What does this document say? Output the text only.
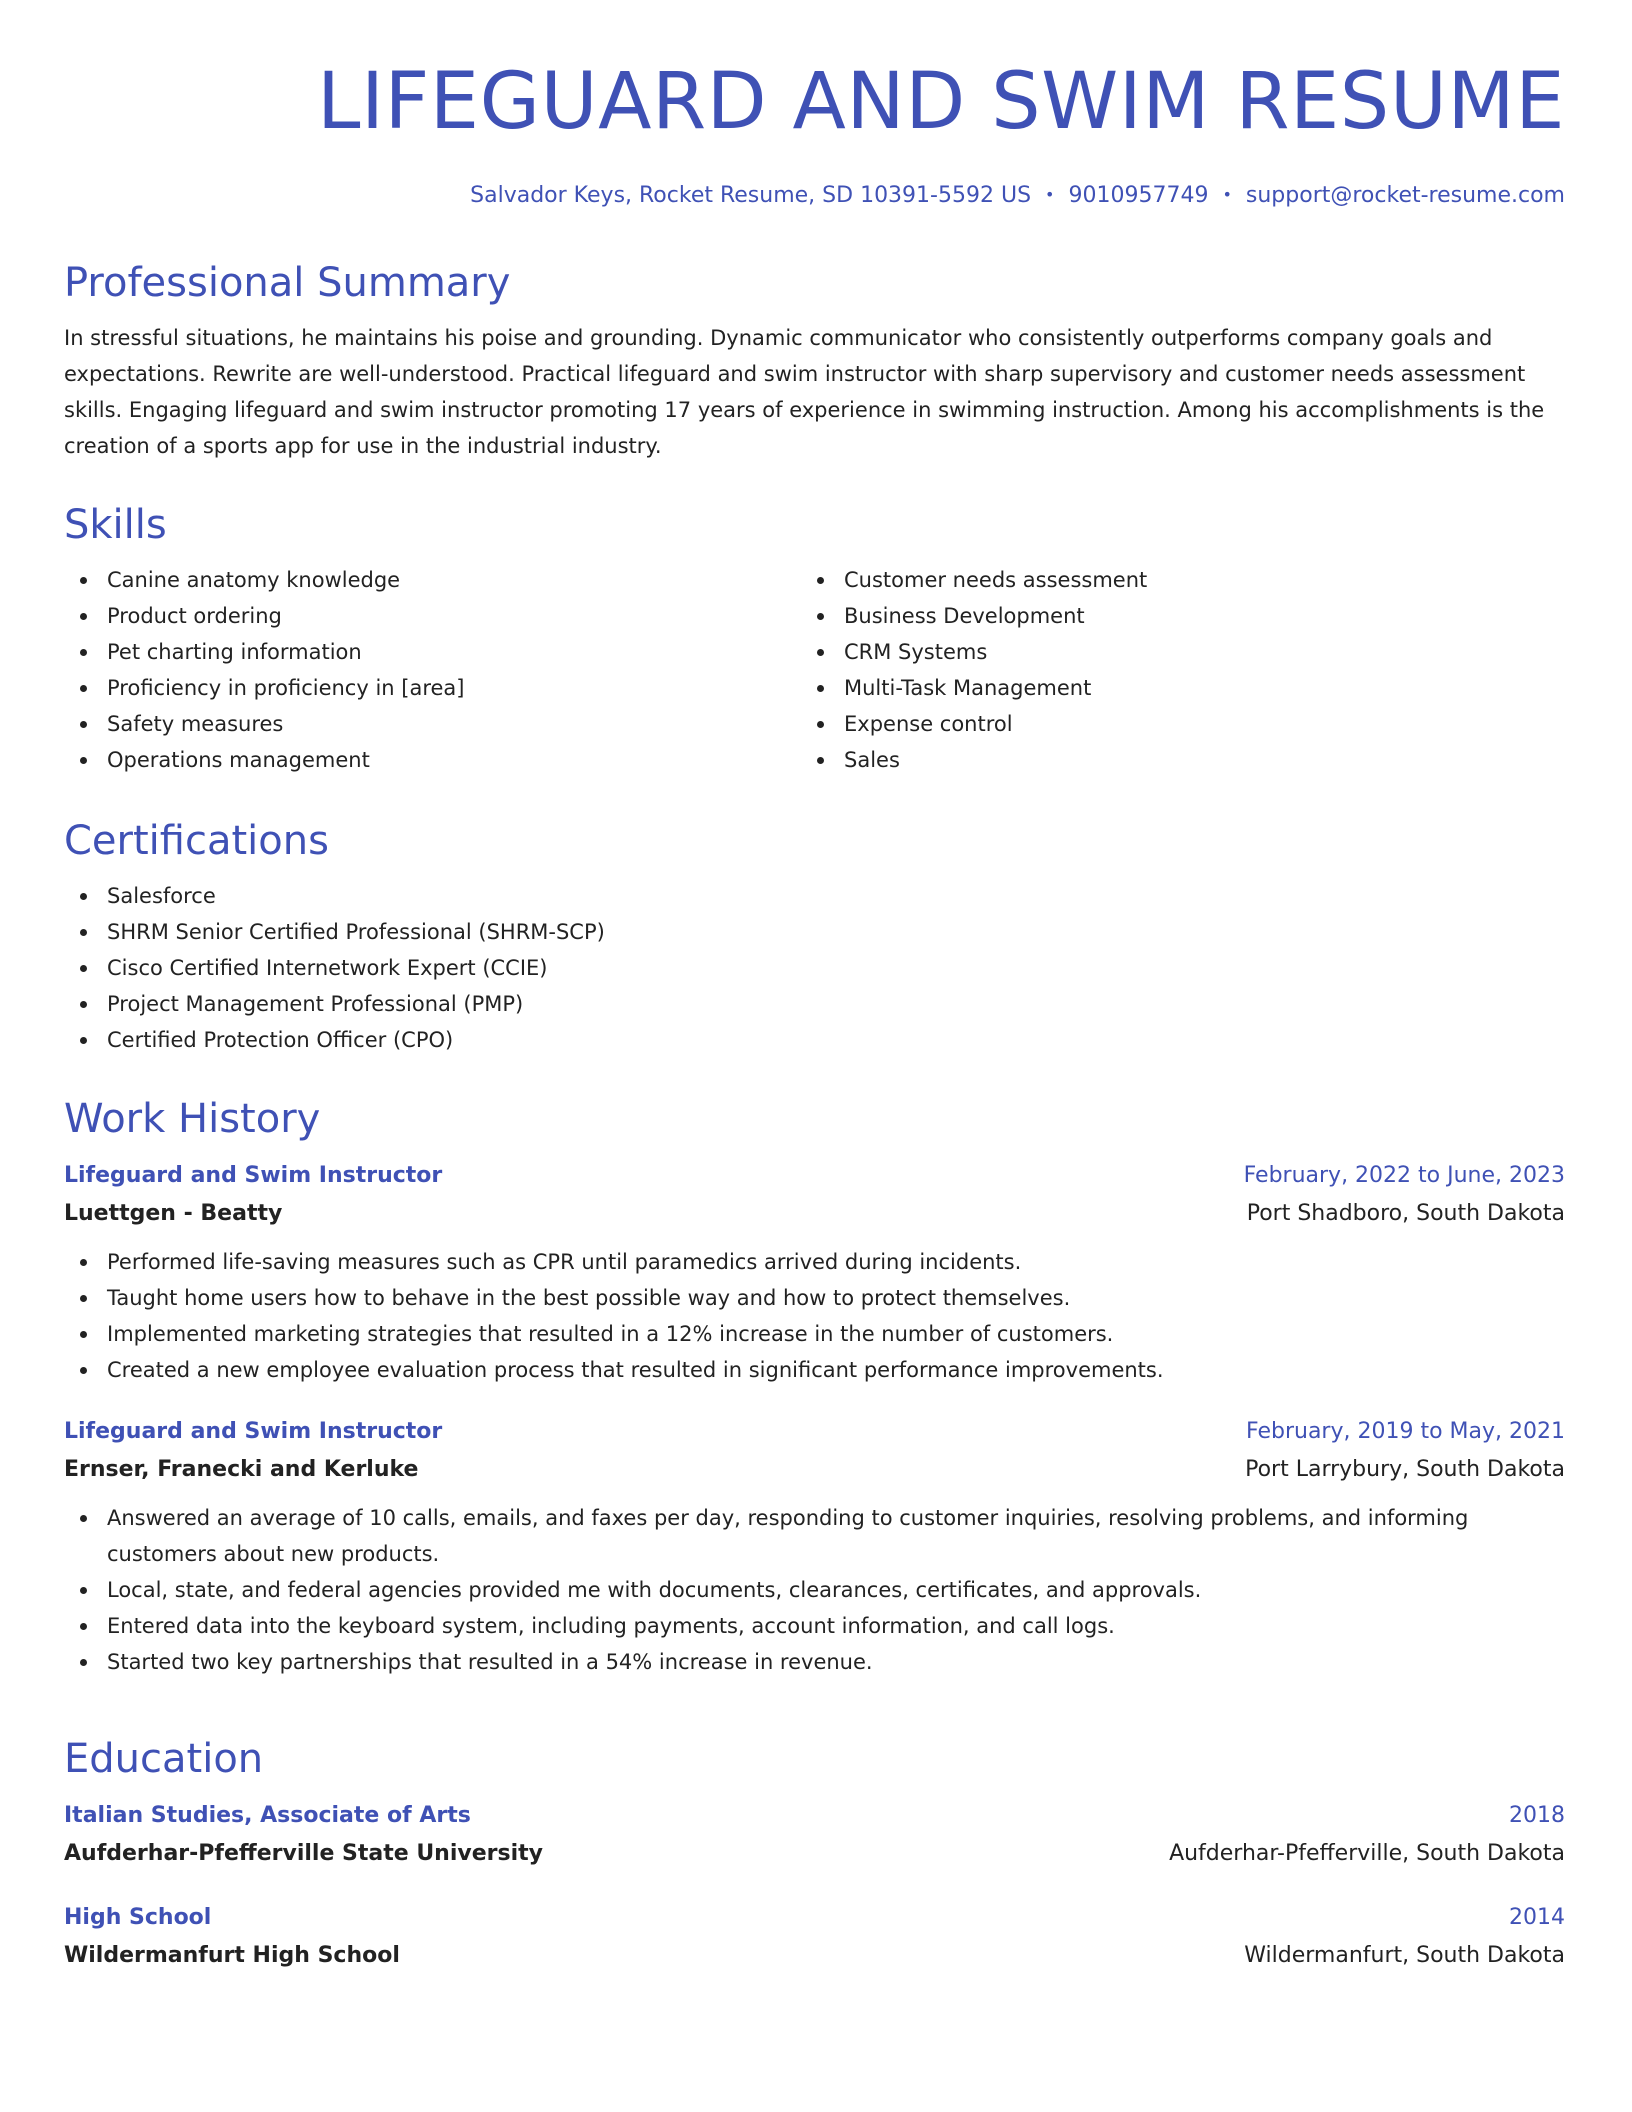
LIFEGUARD AND SWIM RESUME
Salvador Keys, Rocket Resume, SD 10391-5592 US • 9010957749 • support@rocket-resume.com
Professional Summary

In stressful situations, he maintains his poise and grounding. Dynamic communicator who consistently outperforms company goals and expectations. Rewrite are well-understood. Practical lifeguard and swim instructor with sharp supervisory and customer needs assessment skills. Engaging lifeguard and swim instructor promoting 17 years of experience in swimming instruction. Among his accomplishments is the creation of a sports app for use in the industrial industry.

Skills
Canine anatomy knowledge
Product ordering
Pet charting information
Proficiency in proficiency in [area]
Safety measures
Operations management
Customer needs assessment
Business Development
CRM Systems
Multi-Task Management
Expense control
Sales
Certifications
Salesforce
SHRM Senior Certified Professional (SHRM-SCP)
Cisco Certified Internetwork Expert (CCIE)
Project Management Professional (PMP)
Certified Protection Officer (CPO)
Work History
Lifeguard and Swim Instructor	February, 2022 to June, 2023
Luettgen - Beatty	Port Shadboro, South Dakota
Performed life-saving measures such as CPR until paramedics arrived during incidents.
Taught home users how to behave in the best possible way and how to protect themselves.
Implemented marketing strategies that resulted in a 12% increase in the number of customers.
Created a new employee evaluation process that resulted in significant performance improvements.
Lifeguard and Swim Instructor	February, 2019 to May, 2021
Ernser, Franecki and Kerluke	Port Larrybury, South Dakota
Answered an average of 10 calls, emails, and faxes per day, responding to customer inquiries, resolving problems, and informing customers about new products.
Local, state, and federal agencies provided me with documents, clearances, certificates, and approvals.
Entered data into the keyboard system, including payments, account information, and call logs.
Started two key partnerships that resulted in a 54% increase in revenue.
Education
Italian Studies, Associate of Arts	2018
Aufderhar-Pfefferville State University	Aufderhar-Pfefferville, South Dakota
High School	2014
Wildermanfurt High School	Wildermanfurt, South Dakota
